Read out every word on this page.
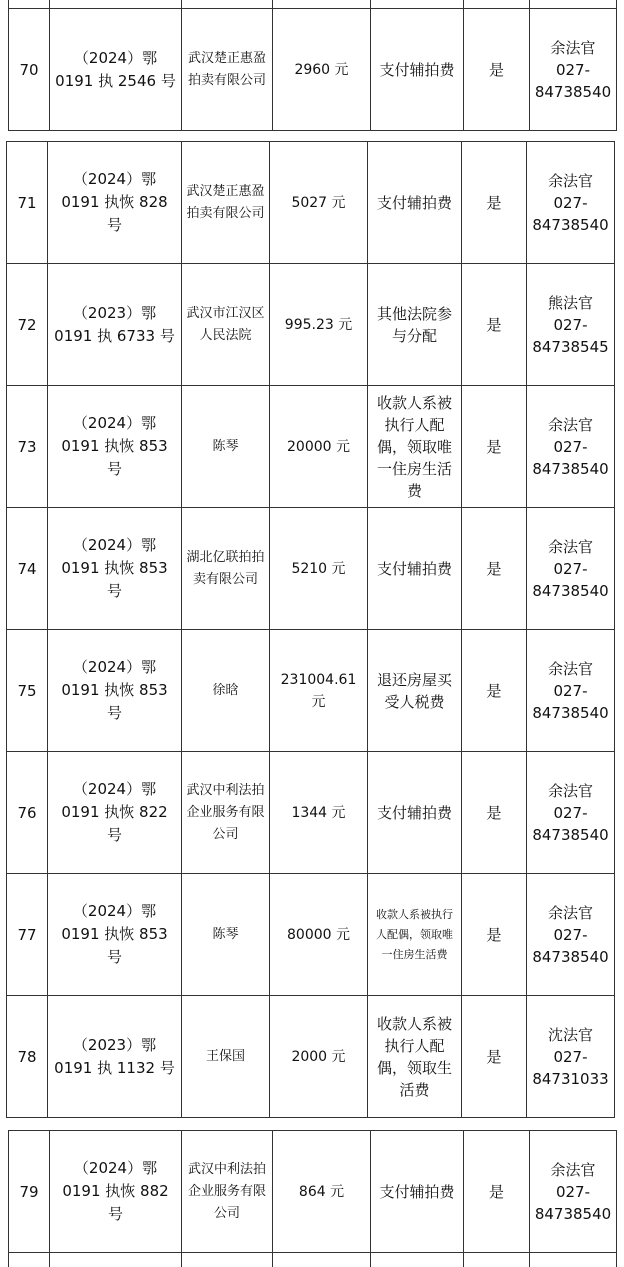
70	（2024）鄂 0191 执 2546 号	武汉楚正惠盈拍卖有限公司	2960 元	支付辅拍费	是	余法官
027-84738540
71	（2024）鄂 0191 执恢 828 号	武汉楚正惠盈拍卖有限公司	5027 元	支付辅拍费	是	余法官
027-84738540
72	（2023）鄂 0191 执 6733 号	武汉市江汉区人民法院	995.23 元	其他法院参与分配	是	熊法官
027-84738545
73	（2024）鄂 0191 执恢 853 号	陈琴	20000 元	收款人系被执行人配偶，领取唯一住房生活费	是	余法官
027-84738540
74	（2024）鄂 0191 执恢 853 号	湖北亿联拍拍卖有限公司	5210 元	支付辅拍费	是	余法官
027-84738540
75	（2024）鄂 0191 执恢 853 号	徐晗	231004.61元	退还房屋买受人税费	是	余法官
027-84738540
76	（2024）鄂 0191 执恢 822 号	武汉中利法拍企业服务有限公司	1344 元	支付辅拍费	是	余法官
027-84738540
77	（2024）鄂 0191 执恢 853 号	陈琴	80000 元	收款人系被执行人配偶，领取唯一住房生活费	是	余法官
027-84738540
78	（2023）鄂 0191 执 1132 号	王保国	2000 元	收款人系被执行人配偶，领取生活费	是	沈法官
027-84731033
79	（2024）鄂 0191 执恢 882 号	武汉中利法拍企业服务有限公司	864 元	支付辅拍费	是	余法官
027-84738540
